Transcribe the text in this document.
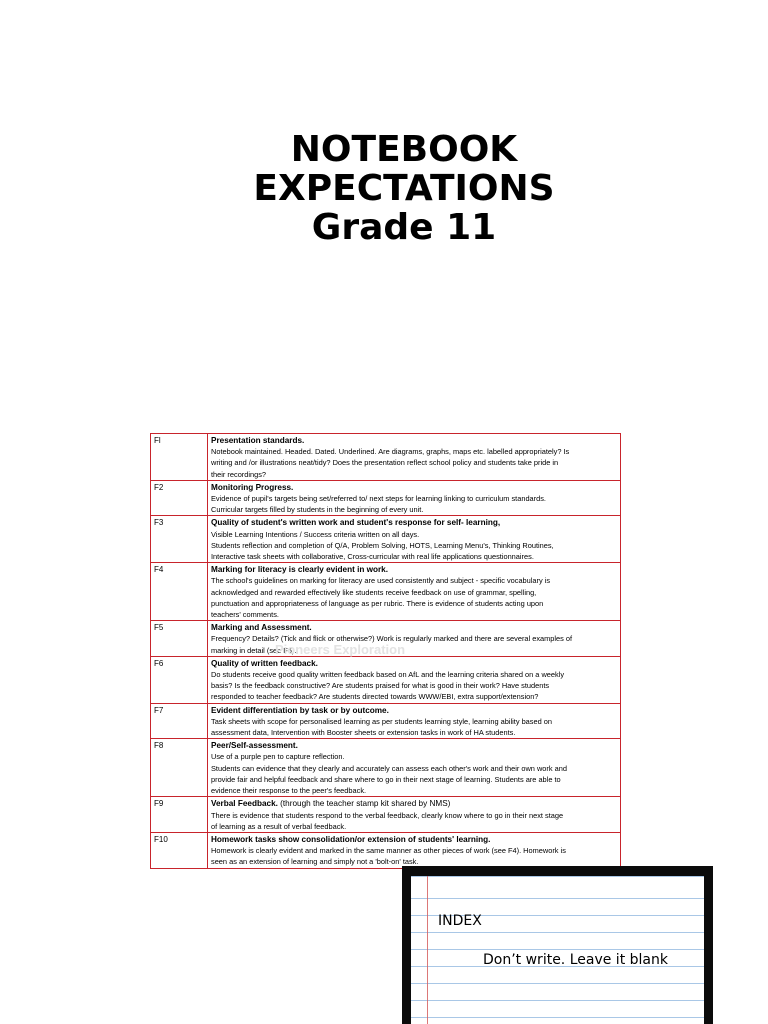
NOTEBOOK
EXPECTATIONS
Grade 11
Fl	Presentation standards.
Notebook maintained. Headed. Dated. Underlined. Are diagrams, graphs, maps etc. labelled appropriately? Is
writing and /or illustrations neat/tidy? Does the presentation reflect school policy and students take pride in
their recordings?

F2	Monitoring Progress.
Evidence of pupil's targets being set/referred to/ next steps for learning linking to curriculum standards.
Curricular targets filled by students in the beginning of every unit.

F3	Quality of student's written work and student's response for self- learning,
Visible Learning Intentions / Success criteria written on all days.
Students reflection and completion of Q/A, Problem Solving, HOTS, Learning Menu's, Thinking Routines,
Interactive task sheets with collaborative, Cross-curricular with real life applications questionnaires.

F4	Marking for literacy is clearly evident in work.
The school's guidelines on marking for literacy are used consistently and subject - specific vocabulary is
acknowledged and rewarded effectively like students receive feedback on use of grammar, spelling,
punctuation and appropriateness of language as per rubric. There is evidence of students acting upon
teachers' comments.

F5	Marking and Assessment.
Frequency? Details? (Tick and flick or otherwise?) Work is regularly marked and there are several examples of
marking in detail (see F6).

F6	Quality of written feedback.
Do students receive good quality written feedback based on AfL and the learning criteria shared on a weekly
basis? Is the feedback constructive? Are students praised for what is good in their work? Have students
responded to teacher feedback? Are students directed towards WWW/EBI, extra support/extension?

F7	Evident differentiation by task or by outcome.
Task sheets with scope for personalised learning as per students learning style, learning ability based on
assessment data, Intervention with Booster sheets or extension tasks in work of HA students.

F8	Peer/Self-assessment.
Use of a purple pen to capture reflection.
Students can evidence that they clearly and accurately can assess each other's work and their own work and
provide fair and helpful feedback and share where to go in their next stage of learning. Students are able to
evidence their response to the peer's feedback.

F9	Verbal Feedback. (through the teacher stamp kit shared by NMS)
There is evidence that students respond to the verbal feedback, clearly know where to go in their next stage
of learning as a result of verbal feedback.

F10	Homework tasks show consolidation/or extension of students' learning.
Homework is clearly evident and marked in the same manner as other pieces of work (see F4). Homework is
seen as an extension of learning and simply not a 'bolt-on' task.
Pioneers Exploration
INDEX
Don’t write. Leave it blank
